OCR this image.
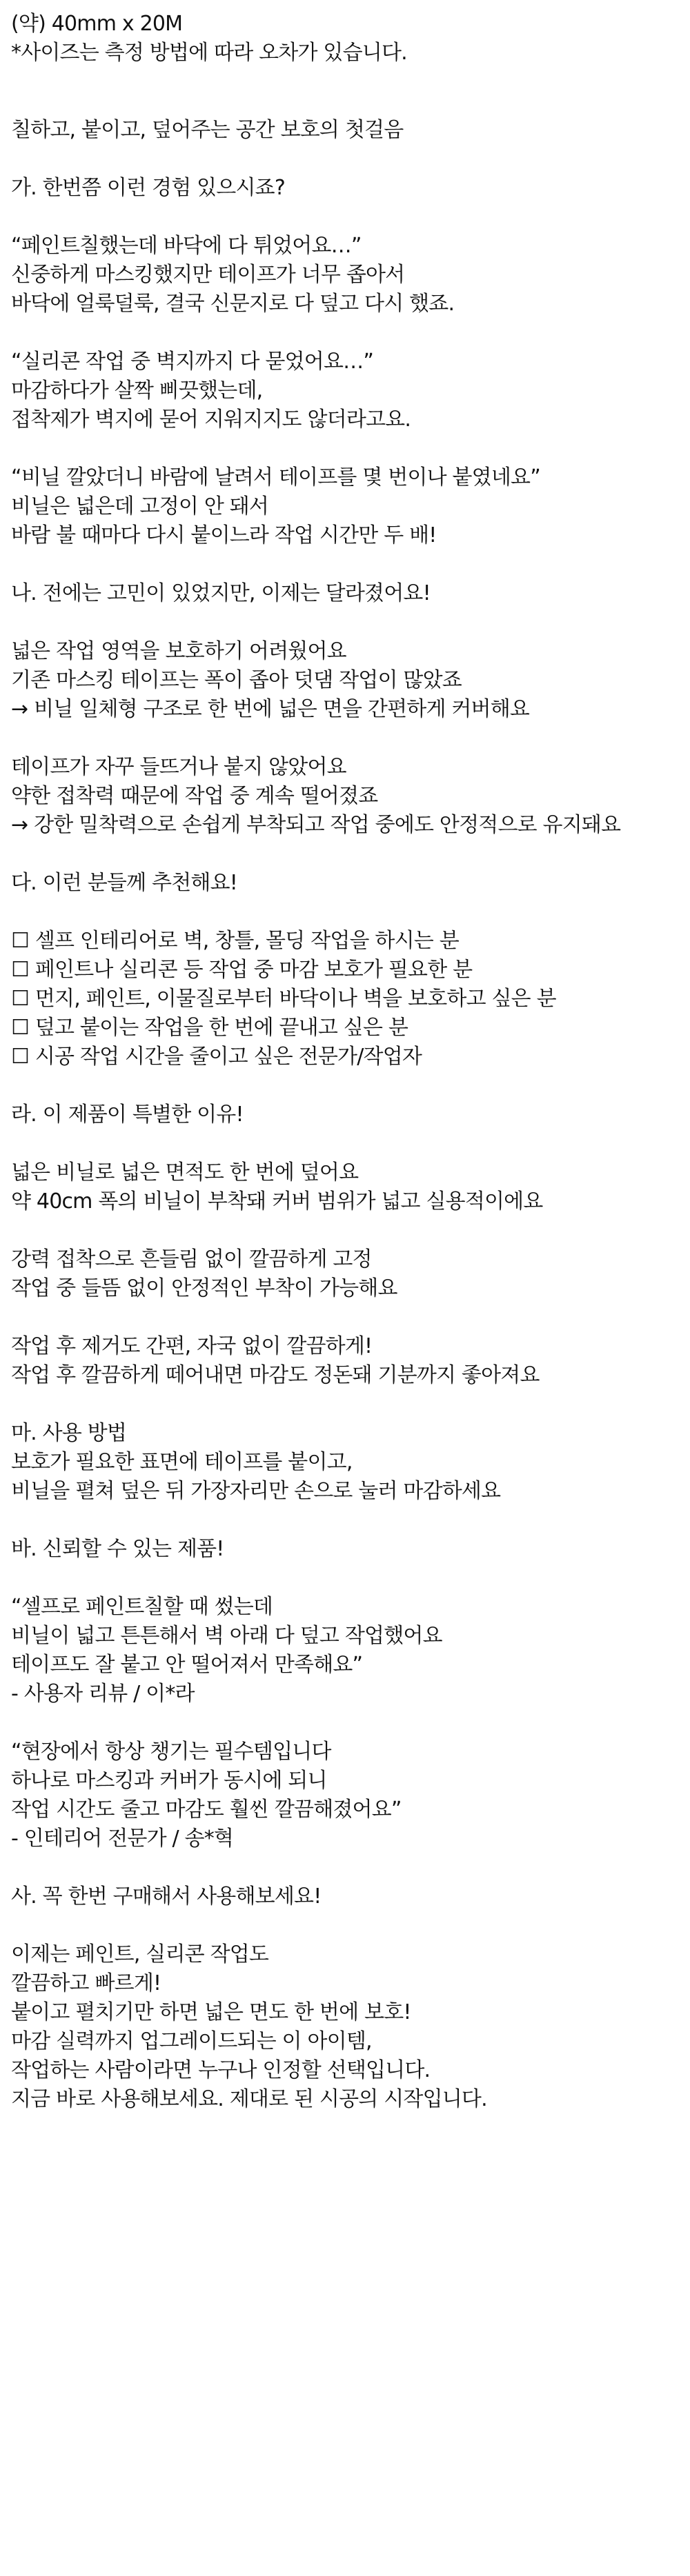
(약) 40mm x 20M
*사이즈는 측정 방법에 따라 오차가 있습니다.
칠하고, 붙이고, 덮어주는 공간 보호의 첫걸음
가. 한번쯤 이런 경험 있으시죠?
“페인트칠했는데 바닥에 다 튀었어요…”
신중하게 마스킹했지만 테이프가 너무 좁아서
바닥에 얼룩덜룩, 결국 신문지로 다 덮고 다시 했죠.
“실리콘 작업 중 벽지까지 다 묻었어요…”
마감하다가 살짝 삐끗했는데,
접착제가 벽지에 묻어 지워지지도 않더라고요.
“비닐 깔았더니 바람에 날려서 테이프를 몇 번이나 붙였네요”
비닐은 넓은데 고정이 안 돼서
바람 불 때마다 다시 붙이느라 작업 시간만 두 배!
나. 전에는 고민이 있었지만, 이제는 달라졌어요!
넓은 작업 영역을 보호하기 어려웠어요
기존 마스킹 테이프는 폭이 좁아 덧댐 작업이 많았죠
→ 비닐 일체형 구조로 한 번에 넓은 면을 간편하게 커버해요
테이프가 자꾸 들뜨거나 붙지 않았어요
약한 접착력 때문에 작업 중 계속 떨어졌죠
→ 강한 밀착력으로 손쉽게 부착되고 작업 중에도 안정적으로 유지돼요
다. 이런 분들께 추천해요!
☐ 셀프 인테리어로 벽, 창틀, 몰딩 작업을 하시는 분
☐ 페인트나 실리콘 등 작업 중 마감 보호가 필요한 분
☐ 먼지, 페인트, 이물질로부터 바닥이나 벽을 보호하고 싶은 분
☐ 덮고 붙이는 작업을 한 번에 끝내고 싶은 분
☐ 시공 작업 시간을 줄이고 싶은 전문가/작업자
라. 이 제품이 특별한 이유!
넓은 비닐로 넓은 면적도 한 번에 덮어요
약 40cm 폭의 비닐이 부착돼 커버 범위가 넓고 실용적이에요
강력 접착으로 흔들림 없이 깔끔하게 고정
작업 중 들뜸 없이 안정적인 부착이 가능해요
작업 후 제거도 간편, 자국 없이 깔끔하게!
작업 후 깔끔하게 떼어내면 마감도 정돈돼 기분까지 좋아져요
마. 사용 방법
보호가 필요한 표면에 테이프를 붙이고,
비닐을 펼쳐 덮은 뒤 가장자리만 손으로 눌러 마감하세요
바. 신뢰할 수 있는 제품!
“셀프로 페인트칠할 때 썼는데
비닐이 넓고 튼튼해서 벽 아래 다 덮고 작업했어요
테이프도 잘 붙고 안 떨어져서 만족해요”
- 사용자 리뷰 / 이*라
“현장에서 항상 챙기는 필수템입니다
하나로 마스킹과 커버가 동시에 되니
작업 시간도 줄고 마감도 훨씬 깔끔해졌어요”
- 인테리어 전문가 / 송*혁
사. 꼭 한번 구매해서 사용해보세요!
이제는 페인트, 실리콘 작업도
깔끔하고 빠르게!
붙이고 펼치기만 하면 넓은 면도 한 번에 보호!
마감 실력까지 업그레이드되는 이 아이템,
작업하는 사람이라면 누구나 인정할 선택입니다.
지금 바로 사용해보세요. 제대로 된 시공의 시작입니다.
